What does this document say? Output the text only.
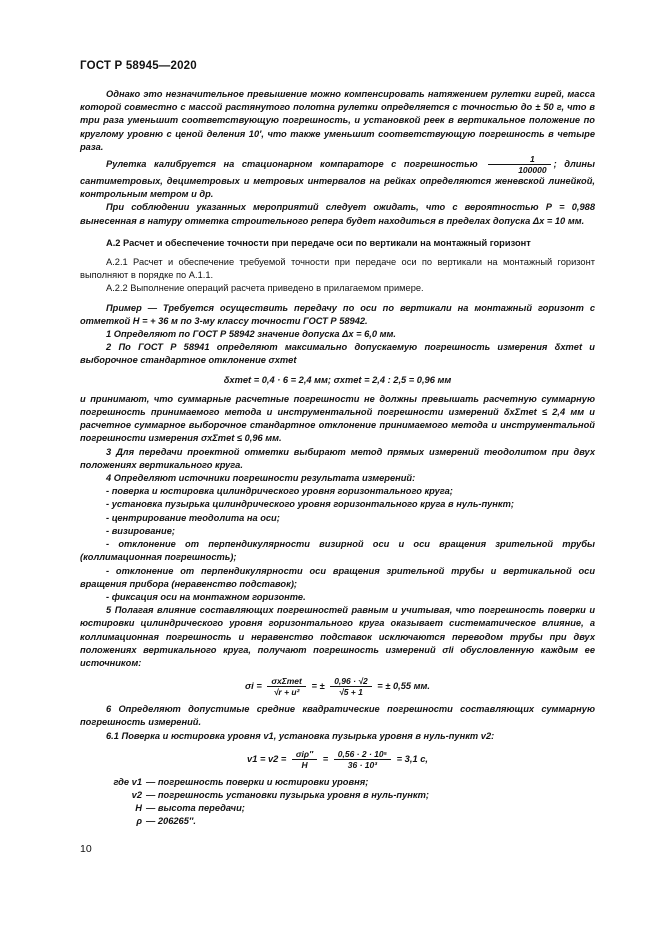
ГОСТ Р 58945—2020

Однако это незначительное превышение можно компенсировать натяжением рулетки гирей, масса которой совместно с массой растянутого полотна рулетки определяется с точностью до ± 50 г, что в три раза уменьшит соответствующую погрешность, и установкой реек в вертикальное положение по круглому уровню с ценой деления 10′, что также уменьшит соответствующую погрешность в четыре раза.

Рулетка калибруется на стационарном компараторе с погрешностью $\frac{1}{100000}$ ; длины сантиметровых, дециметровых и метровых интервалов на рейках определяются женевской линейкой, контрольным метром и др.

При соблюдении указанных мероприятий следует ожидать, что с вероятностью Р = 0,988 вынесенная в натуру отметка строительного репера будет находиться в пределах допуска Δх = 10 мм.

А.2 Расчет и обеспечение точности при передаче оси по вертикали на монтажный горизонт

А.2.1 Расчет и обеспечение требуемой точности при передаче оси по вертикали на монтажный горизонт выполняют в порядке по А.1.1.

А.2.2 Выполнение операций расчета приведено в прилагаемом примере.

Пример — Требуется осуществить передачу по оси по вертикали на монтажный горизонт с отметкой Н = + 36 м по 3-му классу точности ГОСТ Р 58942.

1 Определяют по ГОСТ Р 58942 значение допуска Δх = 6,0 мм.

2 По ГОСТ Р 58941 определяют максимально допускаемую погрешность измерения δxmet и выборочное стандартное отклонение σxmet

δxmet = 0,4 · 6 = 2,4 мм; σxmet = 2,4 : 2,5 = 0,96 мм

и принимают, что суммарные расчетные погрешности не должны превышать расчетную суммарную погрешность принимаемого метода и инструментальной погрешности измерений δxΣmet ≤ 2,4 мм и расчетное суммарное выборочное стандартное отклонение принимаемого метода и инструментальной погрешности измерения σxΣmet ≤ 0,96 мм.

3 Для передачи проектной отметки выбирают метод прямых измерений теодолитом при двух положениях вертикального круга.

4 Определяют источники погрешности результата измерений:

- поверка и юстировка цилиндрического уровня горизонтального круга;

- установка пузырька цилиндрического уровня горизонтального круга в нуль-пункт;

- центрирование теодолита на оси;

- визирование;

- отклонение от перпендикулярности визирной оси и оси вращения зрительной трубы (коллимационная погрешность);

- отклонение от перпендикулярности оси вращения зрительной трубы и вертикальной оси вращения прибора (неравенство подставок);

- фиксация оси на монтажном горизонте.

5 Полагая влияние составляющих погрешностей равным и учитывая, что погрешность поверки и юстировки цилиндрического уровня горизонтального круга оказывает систематическое влияние, а коллимационная погрешность и неравенство подставок исключаются переводом трубы при двух положениях вертикального круга, получают погрешность измерений σli обусловленную каждым ее источником:

$\sigma i = \frac{\text{σxΣmet}}{\text{√r + u²}}$ = ± $\frac{0,96 \cdot √2}{√5 + 1}$ = ± 0,55 мм.

6 Определяют допустимые средние квадратические погрешности составляющих суммарную погрешность измерений.

6.1 Поверка и юстировка уровня v1, установка пузырька уровня в нуль-пункт v2:

$v1 = v2 = \frac{\text{σiρ″}}{H} = \frac{\text{0,56 · 2 · 10⁵}}{\text{36 · 10³}} = 3,1$ с,

где v1 — погрешность поверки и юстировки уровня;
v2 — погрешность установки пузырька уровня в нуль-пункт;
H — высота передачи;
ρ — 206265″.
10
